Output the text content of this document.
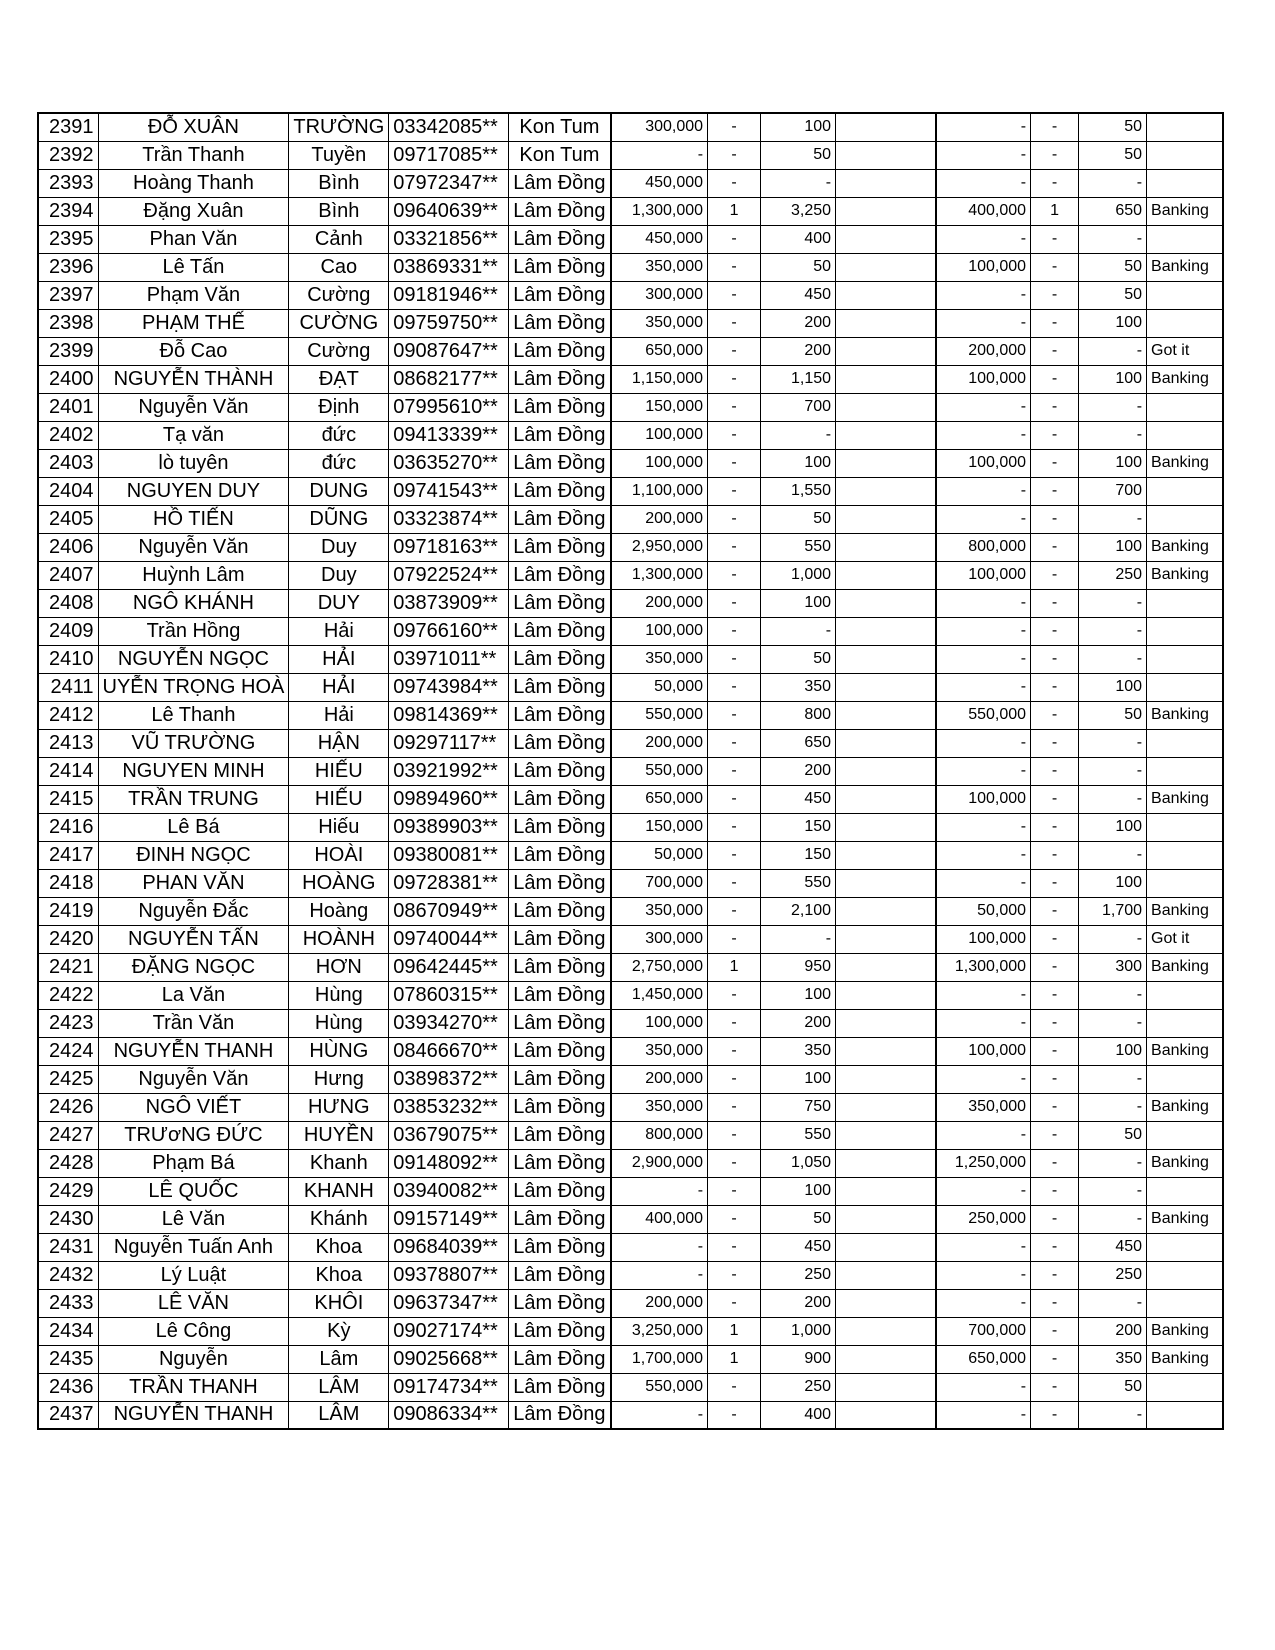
2391	ĐỖ XUÂN	TRƯỜNG	03342085**	Kon Tum	300,000	-	100		-	-	50	
2392	Trần Thanh	Tuyền	09717085**	Kon Tum	-	-	50		-	-	50	
2393	Hoàng Thanh	Bình	07972347**	Lâm Đồng	450,000	-	-		-	-	-	
2394	Đặng Xuân	Bình	09640639**	Lâm Đồng	1,300,000	1	3,250		400,000	1	650	Banking
2395	Phan Văn	Cảnh	03321856**	Lâm Đồng	450,000	-	400		-	-	-	
2396	Lê Tấn	Cao	03869331**	Lâm Đồng	350,000	-	50		100,000	-	50	Banking
2397	Phạm Văn	Cường	09181946**	Lâm Đồng	300,000	-	450		-	-	50	
2398	PHẠM THẾ	CƯỜNG	09759750**	Lâm Đồng	350,000	-	200		-	-	100	
2399	Đỗ Cao	Cường	09087647**	Lâm Đồng	650,000	-	200		200,000	-	-	Got it
2400	NGUYỄN THÀNH	ĐẠT	08682177**	Lâm Đồng	1,150,000	-	1,150		100,000	-	100	Banking
2401	Nguyễn Văn	Định	07995610**	Lâm Đồng	150,000	-	700		-	-	-	
2402	Tạ văn	đức	09413339**	Lâm Đồng	100,000	-	-		-	-	-	
2403	lò tuyên	đức	03635270**	Lâm Đồng	100,000	-	100		100,000	-	100	Banking
2404	NGUYEN DUY	DUNG	09741543**	Lâm Đồng	1,100,000	-	1,550		-	-	700	
2405	HỒ TIẾN	DŨNG	03323874**	Lâm Đồng	200,000	-	50		-	-	-	
2406	Nguyễn Văn	Duy	09718163**	Lâm Đồng	2,950,000	-	550		800,000	-	100	Banking
2407	Huỳnh Lâm	Duy	07922524**	Lâm Đồng	1,300,000	-	1,000		100,000	-	250	Banking
2408	NGÔ KHÁNH	DUY	03873909**	Lâm Đồng	200,000	-	100		-	-	-	
2409	Trần Hồng	Hải	09766160**	Lâm Đồng	100,000	-	-		-	-	-	
2410	NGUYỄN NGỌC	HẢI	03971011**	Lâm Đồng	350,000	-	50		-	-	-	
2411	UYỄN TRỌNG HOÀ	HẢI	09743984**	Lâm Đồng	50,000	-	350		-	-	100	
2412	Lê Thanh	Hải	09814369**	Lâm Đồng	550,000	-	800		550,000	-	50	Banking
2413	VŨ TRƯỜNG	HẬN	09297117**	Lâm Đồng	200,000	-	650		-	-	-	
2414	NGUYEN MINH	HIẾU	03921992**	Lâm Đồng	550,000	-	200		-	-	-	
2415	TRẦN TRUNG	HIẾU	09894960**	Lâm Đồng	650,000	-	450		100,000	-	-	Banking
2416	Lê Bá	Hiếu	09389903**	Lâm Đồng	150,000	-	150		-	-	100	
2417	ĐINH NGỌC	HOÀI	09380081**	Lâm Đồng	50,000	-	150		-	-	-	
2418	PHAN VĂN	HOÀNG	09728381**	Lâm Đồng	700,000	-	550		-	-	100	
2419	Nguyễn Đắc	Hoàng	08670949**	Lâm Đồng	350,000	-	2,100		50,000	-	1,700	Banking
2420	NGUYỄN TẤN	HOÀNH	09740044**	Lâm Đồng	300,000	-	-		100,000	-	-	Got it
2421	ĐẶNG NGỌC	HƠN	09642445**	Lâm Đồng	2,750,000	1	950		1,300,000	-	300	Banking
2422	La Văn	Hùng	07860315**	Lâm Đồng	1,450,000	-	100		-	-	-	
2423	Trần Văn	Hùng	03934270**	Lâm Đồng	100,000	-	200		-	-	-	
2424	NGUYỄN THANH	HÙNG	08466670**	Lâm Đồng	350,000	-	350		100,000	-	100	Banking
2425	Nguyễn Văn	Hưng	03898372**	Lâm Đồng	200,000	-	100		-	-	-	
2426	NGÔ VIẾT	HƯNG	03853232**	Lâm Đồng	350,000	-	750		350,000	-	-	Banking
2427	TRƯơNG ĐỨC	HUYỀN	03679075**	Lâm Đồng	800,000	-	550		-	-	50	
2428	Phạm Bá	Khanh	09148092**	Lâm Đồng	2,900,000	-	1,050		1,250,000	-	-	Banking
2429	LÊ QUỐC	KHANH	03940082**	Lâm Đồng	-	-	100		-	-	-	
2430	Lê Văn	Khánh	09157149**	Lâm Đồng	400,000	-	50		250,000	-	-	Banking
2431	Nguyễn Tuấn Anh	Khoa	09684039**	Lâm Đồng	-	-	450		-	-	450	
2432	Lý Luật	Khoa	09378807**	Lâm Đồng	-	-	250		-	-	250	
2433	LÊ VĂN	KHÔI	09637347**	Lâm Đồng	200,000	-	200		-	-	-	
2434	Lê Công	Kỳ	09027174**	Lâm Đồng	3,250,000	1	1,000		700,000	-	200	Banking
2435	Nguyễn	Lâm	09025668**	Lâm Đồng	1,700,000	1	900		650,000	-	350	Banking
2436	TRẦN THANH	LÂM	09174734**	Lâm Đồng	550,000	-	250		-	-	50	
2437	NGUYỄN THANH	LÂM	09086334**	Lâm Đồng	-	-	400		-	-	-	
